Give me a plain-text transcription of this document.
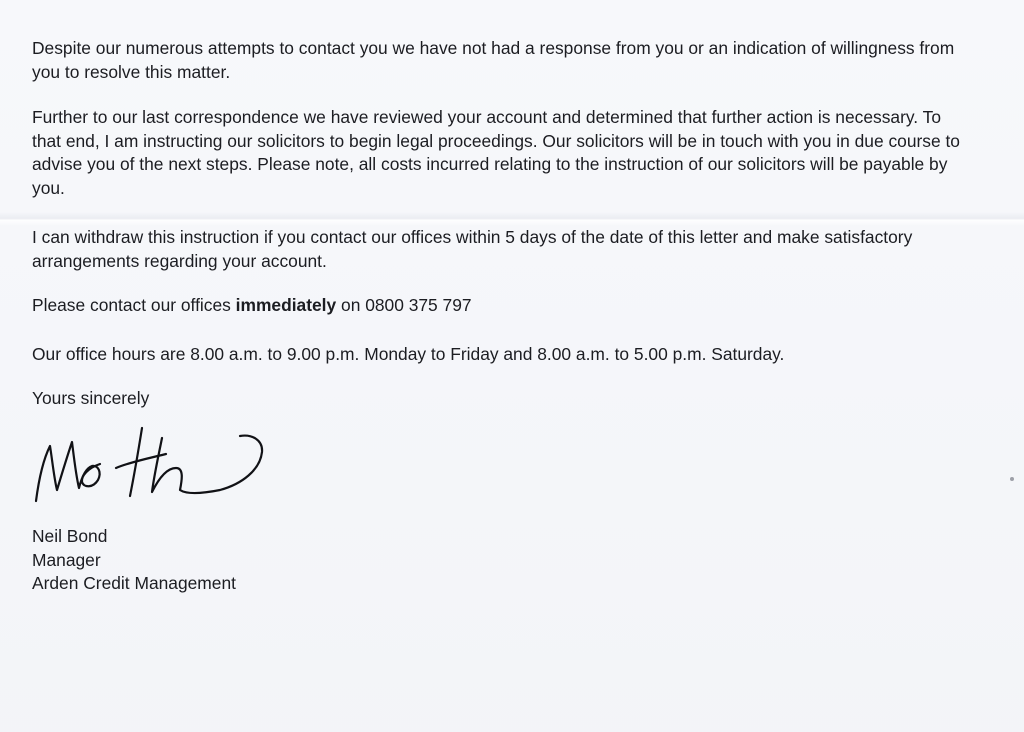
Despite our numerous attempts to contact you we have not had a response from you or an indication of willingness from you to resolve this matter.

Further to our last correspondence we have reviewed your account and determined that further action is necessary. To that end, I am instructing our solicitors to begin legal proceedings. Our solicitors will be in touch with you in due course to advise you of the next steps. Please note, all costs incurred relating to the instruction of our solicitors will be payable by you.

I can withdraw this instruction if you contact our offices within 5 days of the date of this letter and make satisfactory arrangements regarding your account.

Please contact our offices immediately on 0800 375 797

Our office hours are 8.00 a.m. to 9.00 p.m. Monday to Friday and 8.00 a.m. to 5.00 p.m. Saturday.

Yours sincerely

Neil Bond
Manager
Arden Credit Management
